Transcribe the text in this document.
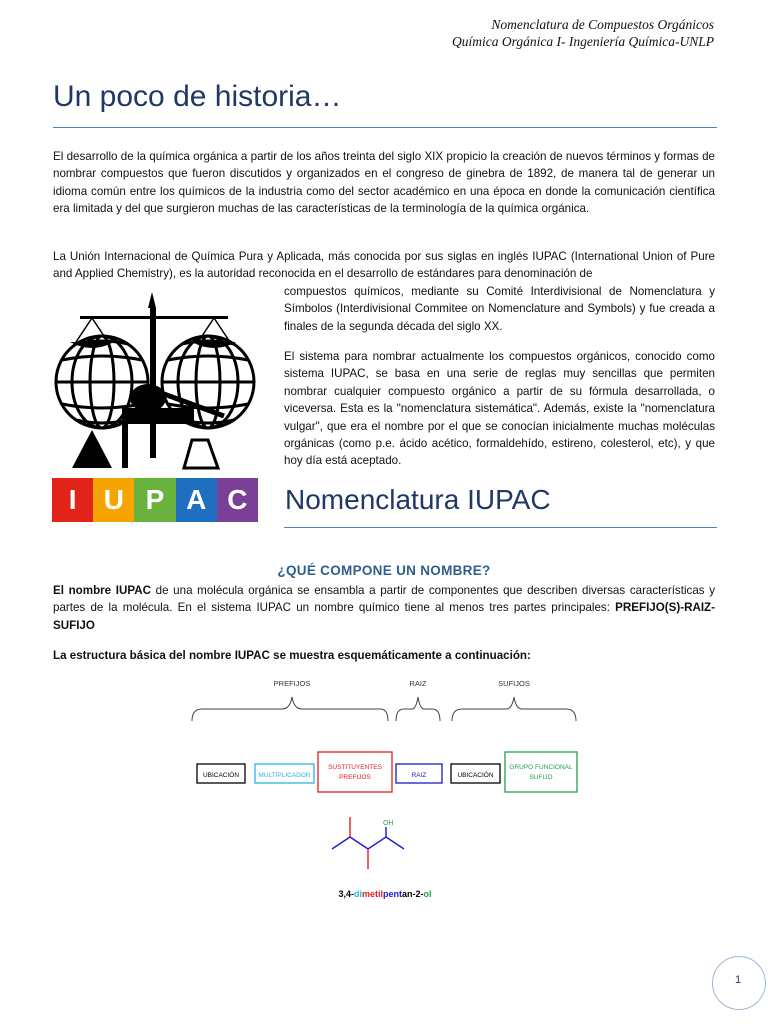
Nomenclatura de Compuestos Orgánicos
Química Orgánica I- Ingeniería Química-UNLP
Un poco de historia…
El desarrollo de la química orgánica a partir de los años treinta del siglo XIX propicio la creación de nuevos términos y formas de nombrar compuestos que fueron discutidos y organizados en el congreso de ginebra de 1892, de manera tal de generar un idioma común entre los químicos de la industria como del sector académico en una época en donde la comunicación científica era limitada y del que surgieron muchas de las características de la terminología de la química orgánica.
La Unión Internacional de Química Pura y Aplicada, más conocida por sus siglas en inglés IUPAC (International Union of Pure and Applied Chemistry), es la autoridad reconocida en el desarrollo de estándares para denominación de
compuestos químicos, mediante su Comité Interdivisional de Nomenclatura y Símbolos (Interdivisional Commitee on Nomenclature and Symbols) y fue creada a finales de la segunda década del siglo XX.
El sistema para nombrar actualmente los compuestos orgánicos, conocido como sistema IUPAC, se basa en una serie de reglas muy sencillas que permiten nombrar cualquier compuesto orgánico a partir de su fórmula desarrollada, o viceversa. Esta es la "nomenclatura sistemática". Además, existe la "nomenclatura vulgar", que era el nombre por el que se conocían inicialmente muchas moléculas orgánicas (como p.e. ácido acético, formaldehído, estireno, colesterol, etc), y que hoy día está aceptado.
I U P A C	Nomenclatura IUPAC
¿QUÉ COMPONE UN NOMBRE?
El nombre IUPAC de una molécula orgánica se ensambla a partir de componentes que describen diversas características y partes de la molécula. En el sistema IUPAC un nombre químico tiene al menos tres partes principales: PREFIJO(S)-RAIZ-SUFIJO
La estructura básica del nombre IUPAC se muestra esquemáticamente a continuación:
PREFIJOS	RAIZ	SUFIJOS
UBICACIÓN	MULTIPLICADOR
SUSTITUYENTES
PREFIJOS	RAIZ	UBICACIÓN
GRUPO FUNCIONAL
SUFIJO
OH
3,4-dimetilpentan-2-ol
1
